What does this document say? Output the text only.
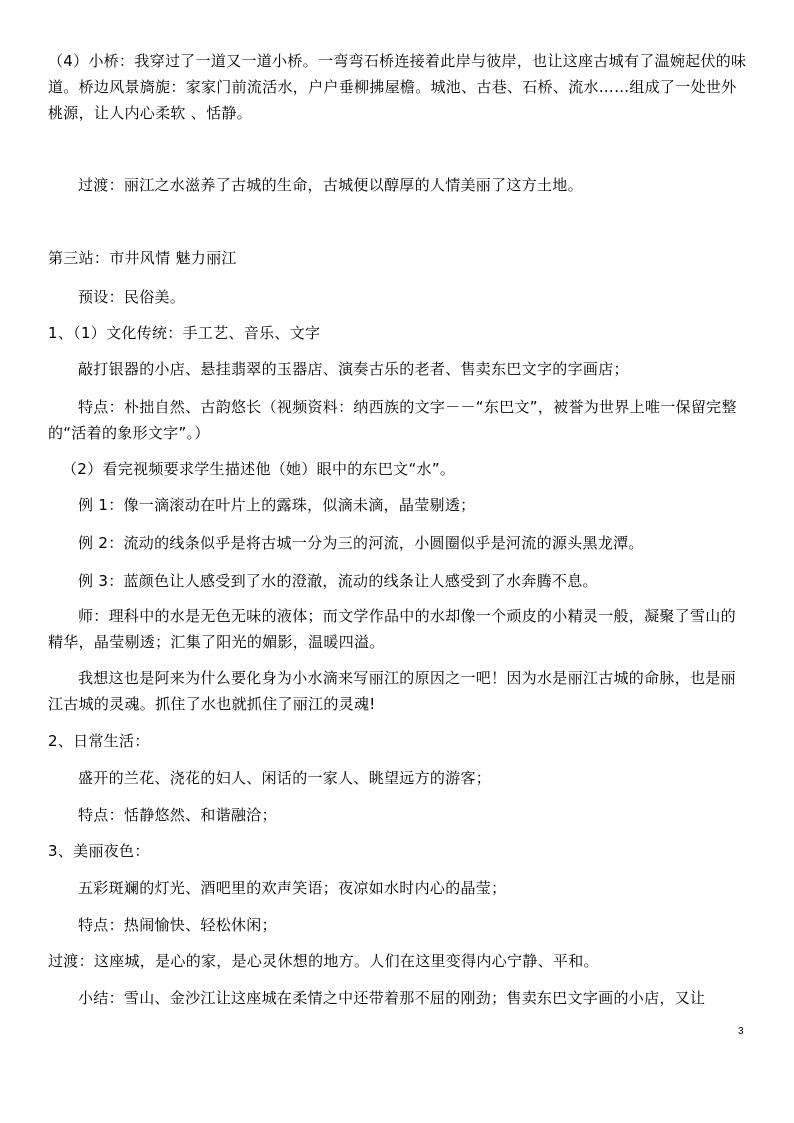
（4）小桥：我穿过了一道又一道小桥。一弯弯石桥连接着此岸与彼岸，也让这座古城有了温婉起伏的味道。桥边风景旖旎：家家门前流活水，户户垂柳拂屋檐。城池、古巷、石桥、流水……组成了一处世外桃源，让人内心柔软 、恬静。
过渡：丽江之水滋养了古城的生命，古城便以醇厚的人情美丽了这方土地。
第三站：市井风情 魅力丽江
预设：民俗美。
1、（1）文化传统：手工艺、音乐、文字
敲打银器的小店、悬挂翡翠的玉器店、演奏古乐的老者、售卖东巴文字的字画店；
特点：朴拙自然、古韵悠长（视频资料：纳西族的文字－－“东巴文”，被誉为世界上唯一保留完整的“活着的象形文字”。）
（2）看完视频要求学生描述他（她）眼中的东巴文“水”。
例 1：像一滴滚动在叶片上的露珠，似滴未滴，晶莹剔透；
例 2：流动的线条似乎是将古城一分为三的河流，小圆圈似乎是河流的源头黑龙潭。
例 3：蓝颜色让人感受到了水的澄澈，流动的线条让人感受到了水奔腾不息。
师：理科中的水是无色无味的液体；而文学作品中的水却像一个顽皮的小精灵一般，凝聚了雪山的精华，晶莹剔透；汇集了阳光的媚影，温暖四溢。
我想这也是阿来为什么要化身为小水滴来写丽江的原因之一吧！因为水是丽江古城的命脉，也是丽江古城的灵魂。抓住了水也就抓住了丽江的灵魂!
2、日常生活：
盛开的兰花、浇花的妇人、闲话的一家人、眺望远方的游客；
特点：恬静悠然、和谐融洽；
3、美丽夜色：
五彩斑斓的灯光、酒吧里的欢声笑语；夜凉如水时内心的晶莹；
特点：热闹愉快、轻松休闲；
过渡：这座城，是心的家，是心灵休想的地方。人们在这里变得内心宁静、平和。
小结：雪山、金沙江让这座城在柔情之中还带着那不屈的刚劲；售卖东巴文字画的小店，又让
3
